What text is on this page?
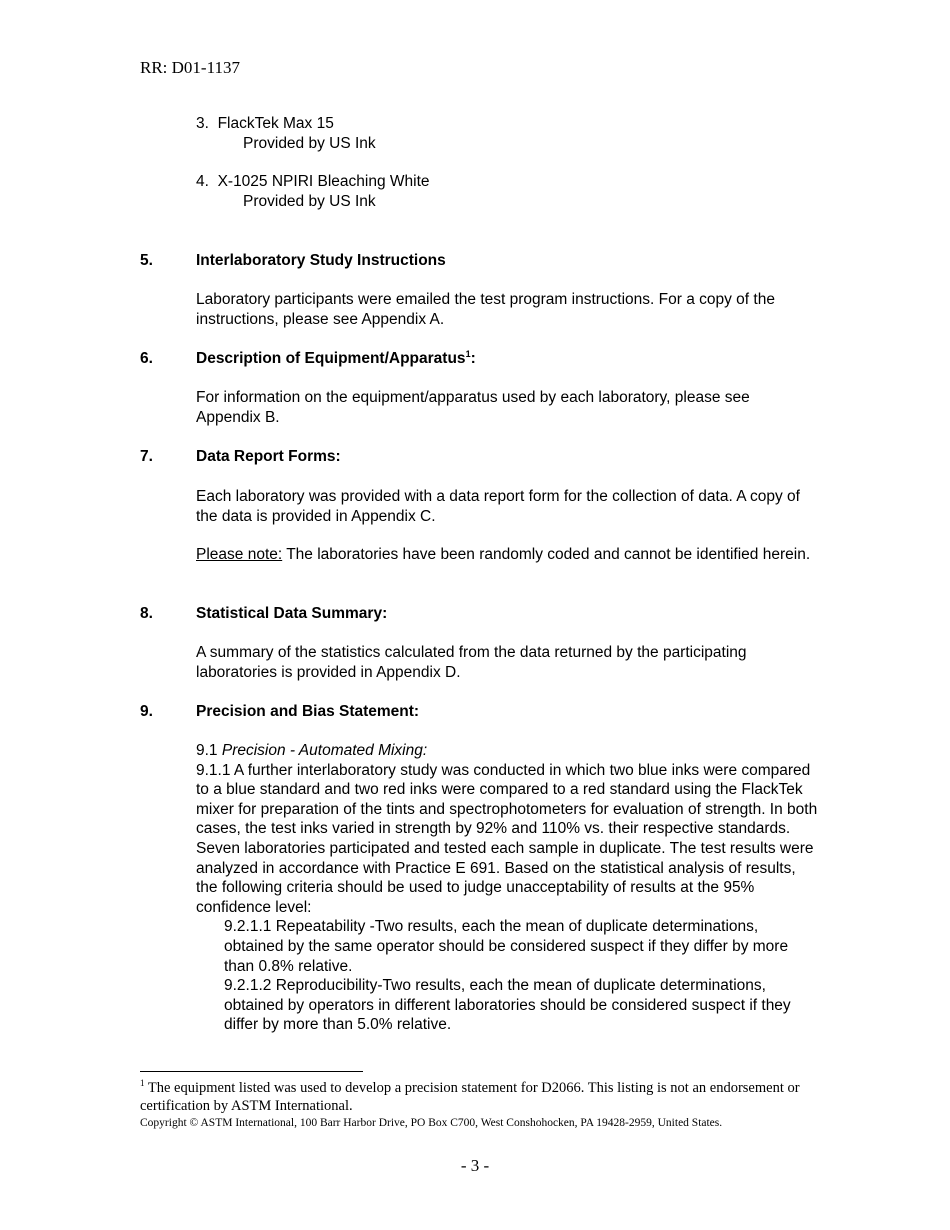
RR: D01-1137
3. FlackTek Max 15
Provided by US Ink
4. X-1025 NPIRI Bleaching White
Provided by US Ink
5.	Interlaboratory Study Instructions

Laboratory participants were emailed the test program instructions. For a copy of the instructions, please see Appendix A.

6.	Description of Equipment/Apparatus$^1$:

For information on the equipment/apparatus used by each laboratory, please see Appendix B.

7.	Data Report Forms:

Each laboratory was provided with a data report form for the collection of data. A copy of the data is provided in Appendix C.

Please note: The laboratories have been randomly coded and cannot be identified herein.

8.	Statistical Data Summary:

A summary of the statistics calculated from the data returned by the participating laboratories is provided in Appendix D.

9.	Precision and Bias Statement:

9.1 Precision - Automated Mixing:

9.1.1 A further interlaboratory study was conducted in which two blue inks were compared to a blue standard and two red inks were compared to a red standard using the FlackTek mixer for preparation of the tints and spectrophotometers for evaluation of strength. In both cases, the test inks varied in strength by 92% and 110% vs. their respective standards. Seven laboratories participated and tested each sample in duplicate. The test results were analyzed in accordance with Practice E 691. Based on the statistical analysis of results, the following criteria should be used to judge unacceptability of results at the 95% confidence level:

9.2.1.1 Repeatability -Two results, each the mean of duplicate determinations, obtained by the same operator should be considered suspect if they differ by more than 0.8% relative.

9.2.1.2 Reproducibility-Two results, each the mean of duplicate determinations, obtained by operators in different laboratories should be considered suspect if they differ by more than 5.0% relative.

$^1$ The equipment listed was used to develop a precision statement for D2066. This listing is not an endorsement or certification by ASTM International.
Copyright © ASTM International, 100 Barr Harbor Drive, PO Box C700, West Conshohocken, PA 19428-2959, United States.
- 3 -
